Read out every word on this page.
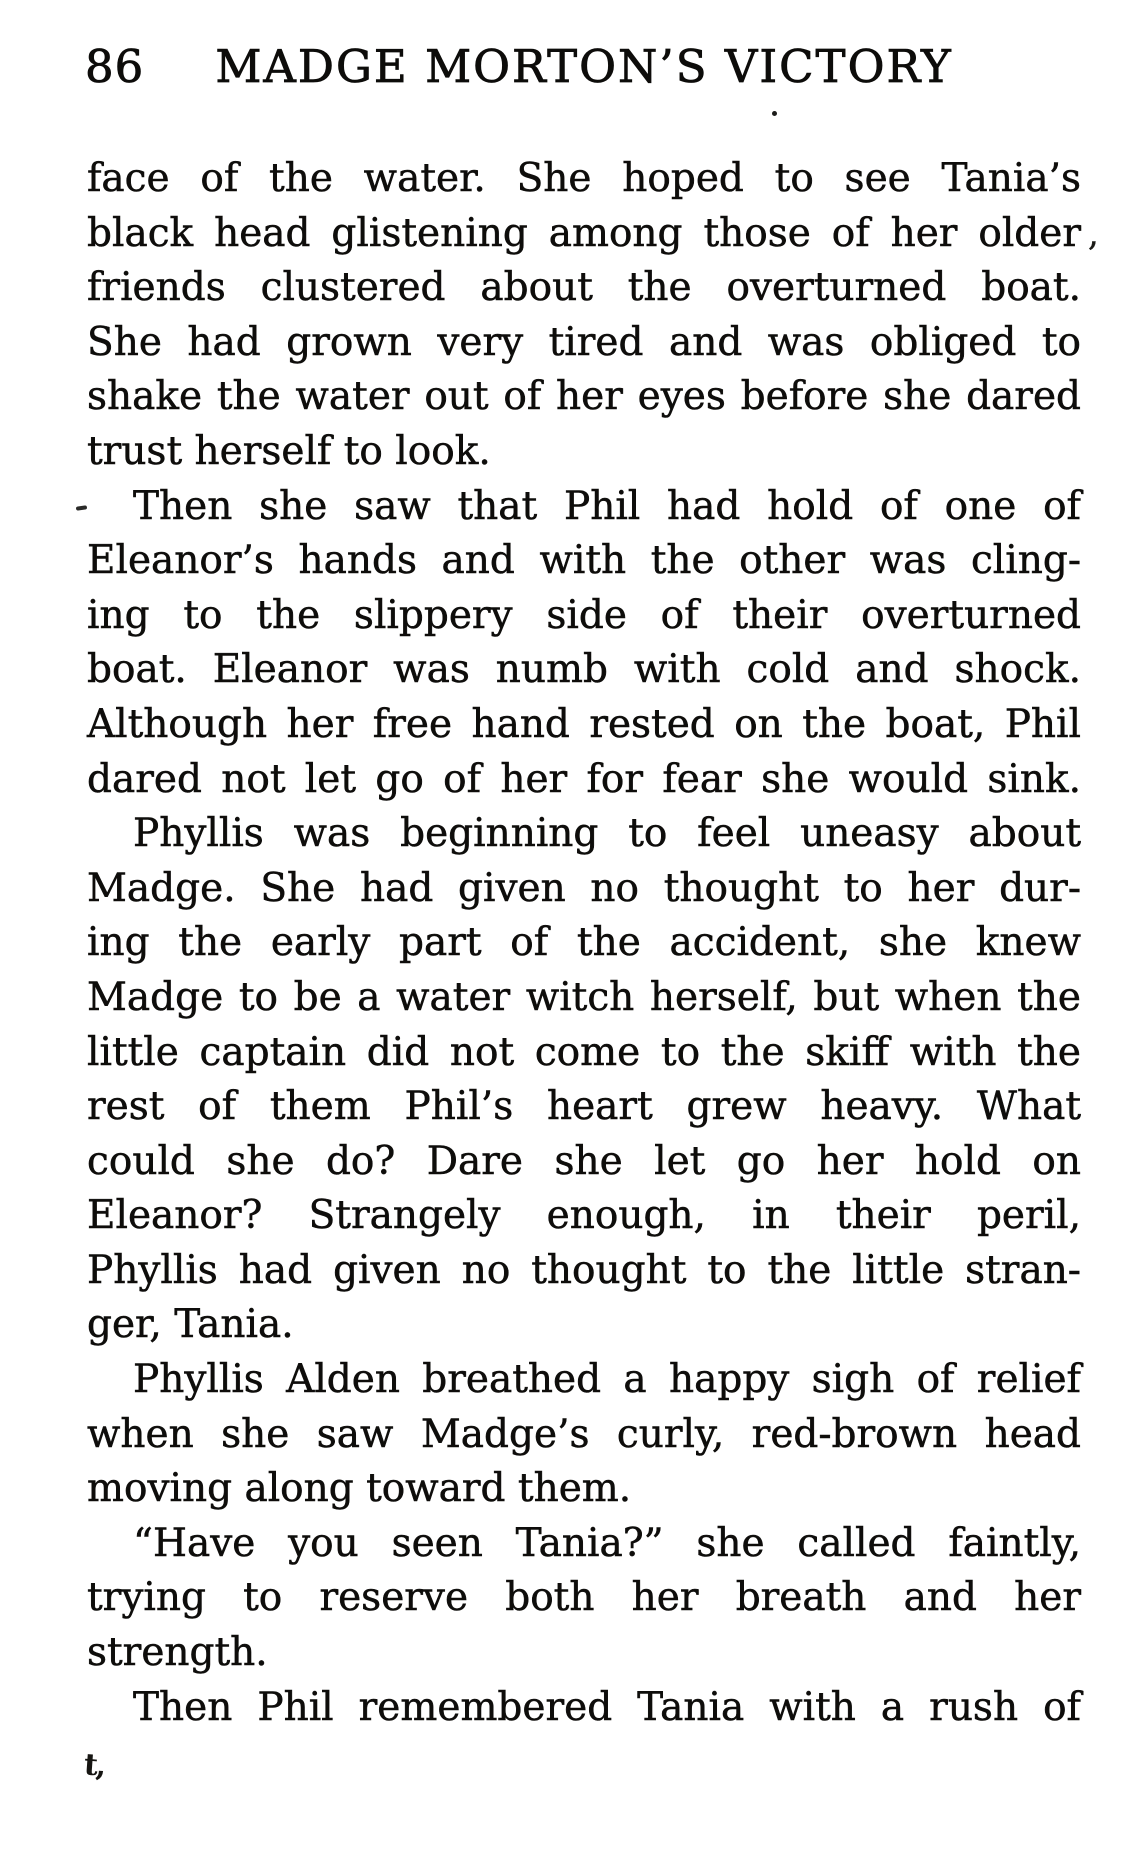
86 MADGE MORTON’S VICTORY
face of the water. She hoped to see Tania’s
black head glistening among those of her older
friends clustered about the overturned boat.
She had grown very tired and was obliged to
shake the water out of her eyes before she dared
trust herself to look.
Then she saw that Phil had hold of one of
Eleanor’s hands and with the other was cling-
ing to the slippery side of their overturned
boat. Eleanor was numb with cold and shock.
Although her free hand rested on the boat, Phil
dared not let go of her for fear she would sink.
Phyllis was beginning to feel uneasy about
Madge. She had given no thought to her dur-
ing the early part of the accident, she knew
Madge to be a water witch herself, but when the
little captain did not come to the skiff with the
rest of them Phil’s heart grew heavy. What
could she do? Dare she let go her hold on
Eleanor? Strangely enough, in their peril,
Phyllis had given no thought to the little stran-
ger, Tania.
Phyllis Alden breathed a happy sigh of relief
when she saw Madge’s curly, red-brown head
moving along toward them.
“Have you seen Tania?” she called faintly,
trying to reserve both her breath and her
strength.
Then Phil remembered Tania with a rush of
,
t,
